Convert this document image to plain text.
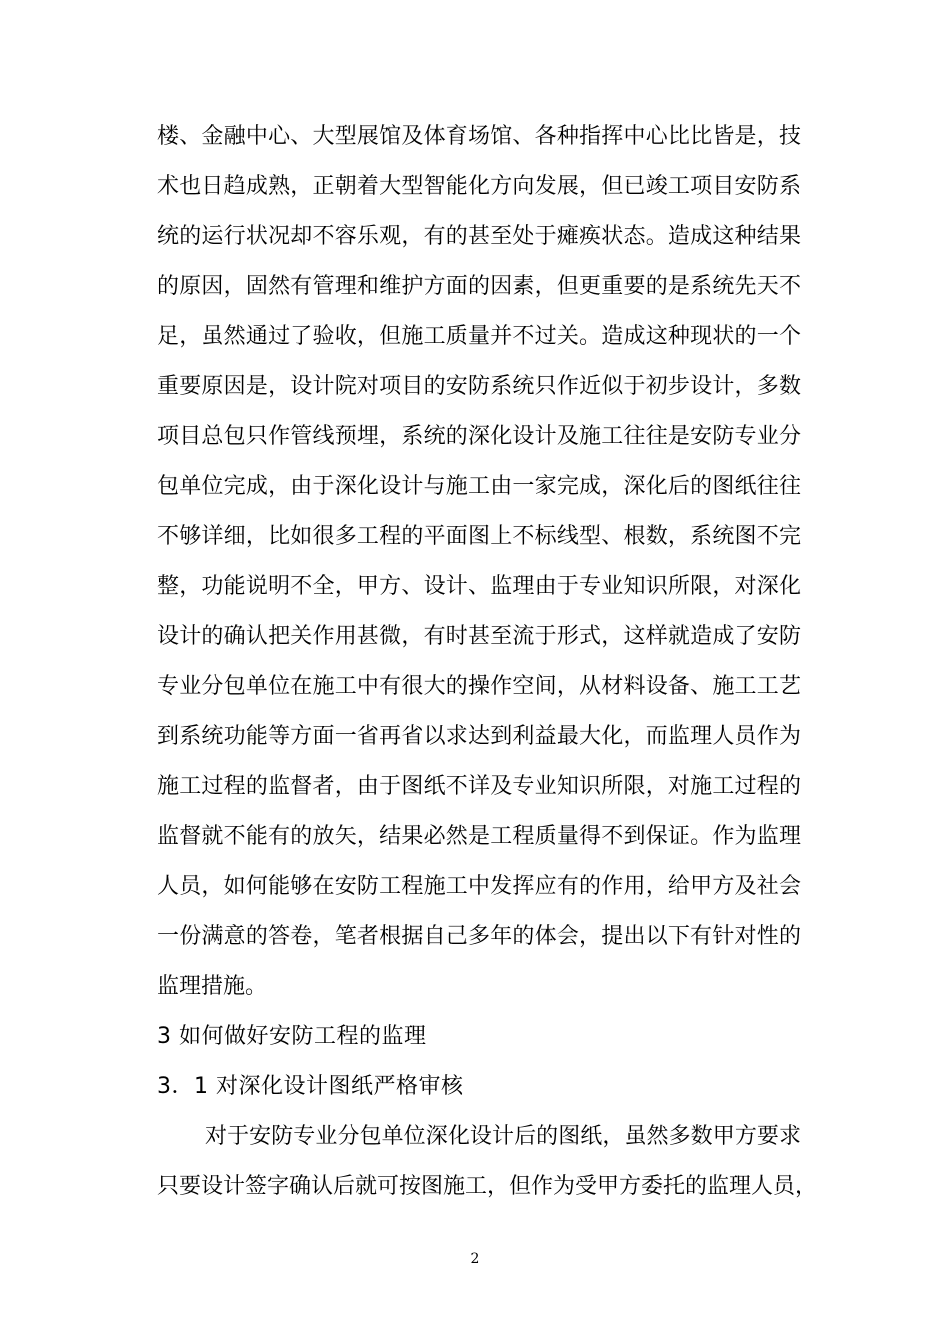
楼、金融中心、大型展馆及体育场馆、各种指挥中心比比皆是，技
术也日趋成熟，正朝着大型智能化方向发展，但已竣工项目安防系
统的运行状况却不容乐观，有的甚至处于瘫痪状态。造成这种结果
的原因，固然有管理和维护方面的因素，但更重要的是系统先天不
足，虽然通过了验收，但施工质量并不过关。造成这种现状的一个
重要原因是，设计院对项目的安防系统只作近似于初步设计，多数
项目总包只作管线预埋，系统的深化设计及施工往往是安防专业分
包单位完成，由于深化设计与施工由一家完成，深化后的图纸往往
不够详细，比如很多工程的平面图上不标线型、根数，系统图不完
整，功能说明不全，甲方、设计、监理由于专业知识所限，对深化
设计的确认把关作用甚微，有时甚至流于形式，这样就造成了安防
专业分包单位在施工中有很大的操作空间，从材料设备、施工工艺
到系统功能等方面一省再省以求达到利益最大化，而监理人员作为
施工过程的监督者，由于图纸不详及专业知识所限，对施工过程的
监督就不能有的放矢，结果必然是工程质量得不到保证。作为监理
人员，如何能够在安防工程施工中发挥应有的作用，给甲方及社会
一份满意的答卷，笔者根据自己多年的体会，提出以下有针对性的
监理措施。
3 如何做好安防工程的监理
3．1 对深化设计图纸严格审核
对于安防专业分包单位深化设计后的图纸，虽然多数甲方要求
只要设计签字确认后就可按图施工，但作为受甲方委托的监理人员，
2
